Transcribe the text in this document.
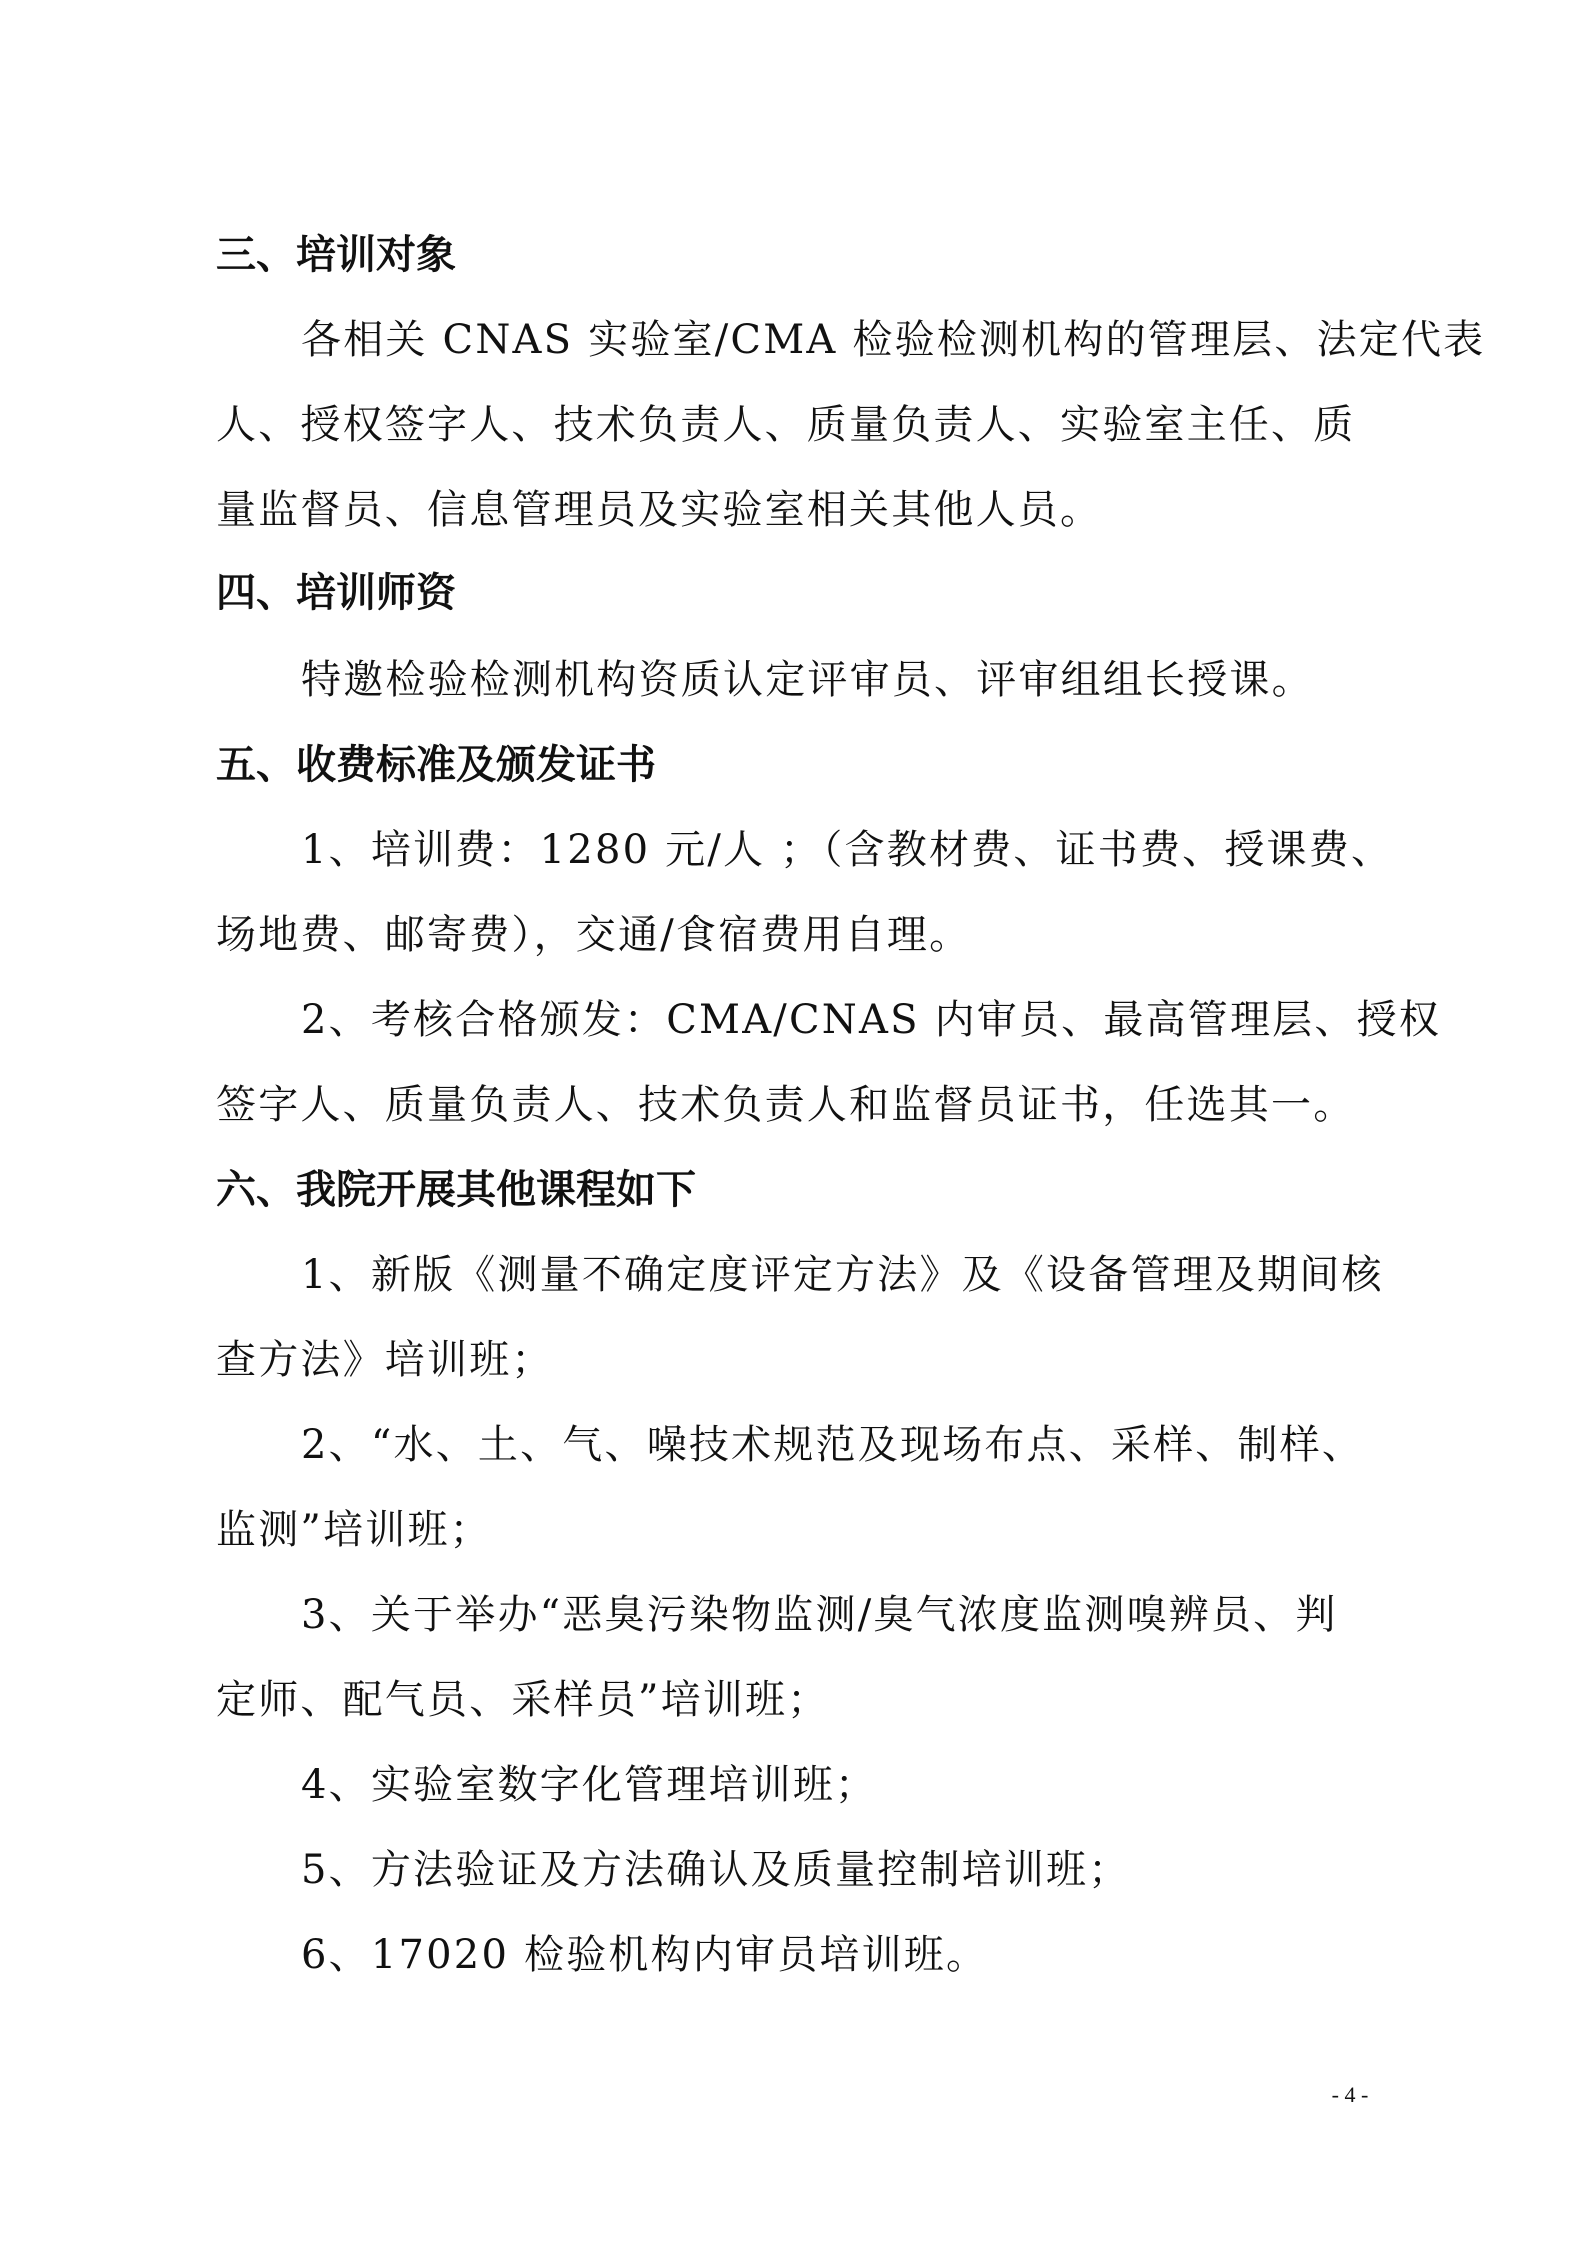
三、培训对象
各相关 CNAS 实验室/CMA 检验检测机构的管理层、法定代表
人、授权签字人、技术负责人、质量负责人、实验室主任、质
量监督员、信息管理员及实验室相关其他人员。
四、培训师资
特邀检验检测机构资质认定评审员、评审组组长授课。
五、收费标准及颁发证书
1、培训费：1280 元/人 ；（含教材费、证书费、授课费、
场地费、邮寄费），交通/食宿费用自理。
2、考核合格颁发：CMA/CNAS 内审员、最高管理层、授权
签字人、质量负责人、技术负责人和监督员证书，任选其一。
六、我院开展其他课程如下
1、新版《测量不确定度评定方法》及《设备管理及期间核
查方法》培训班；
2、“水、土、气、噪技术规范及现场布点、采样、制样、
监测”培训班；
3、关于举办“恶臭污染物监测/臭气浓度监测嗅辨员、判
定师、配气员、采样员”培训班；
4、实验室数字化管理培训班；
5、方法验证及方法确认及质量控制培训班；
6、17020 检验机构内审员培训班。
- 4 -
